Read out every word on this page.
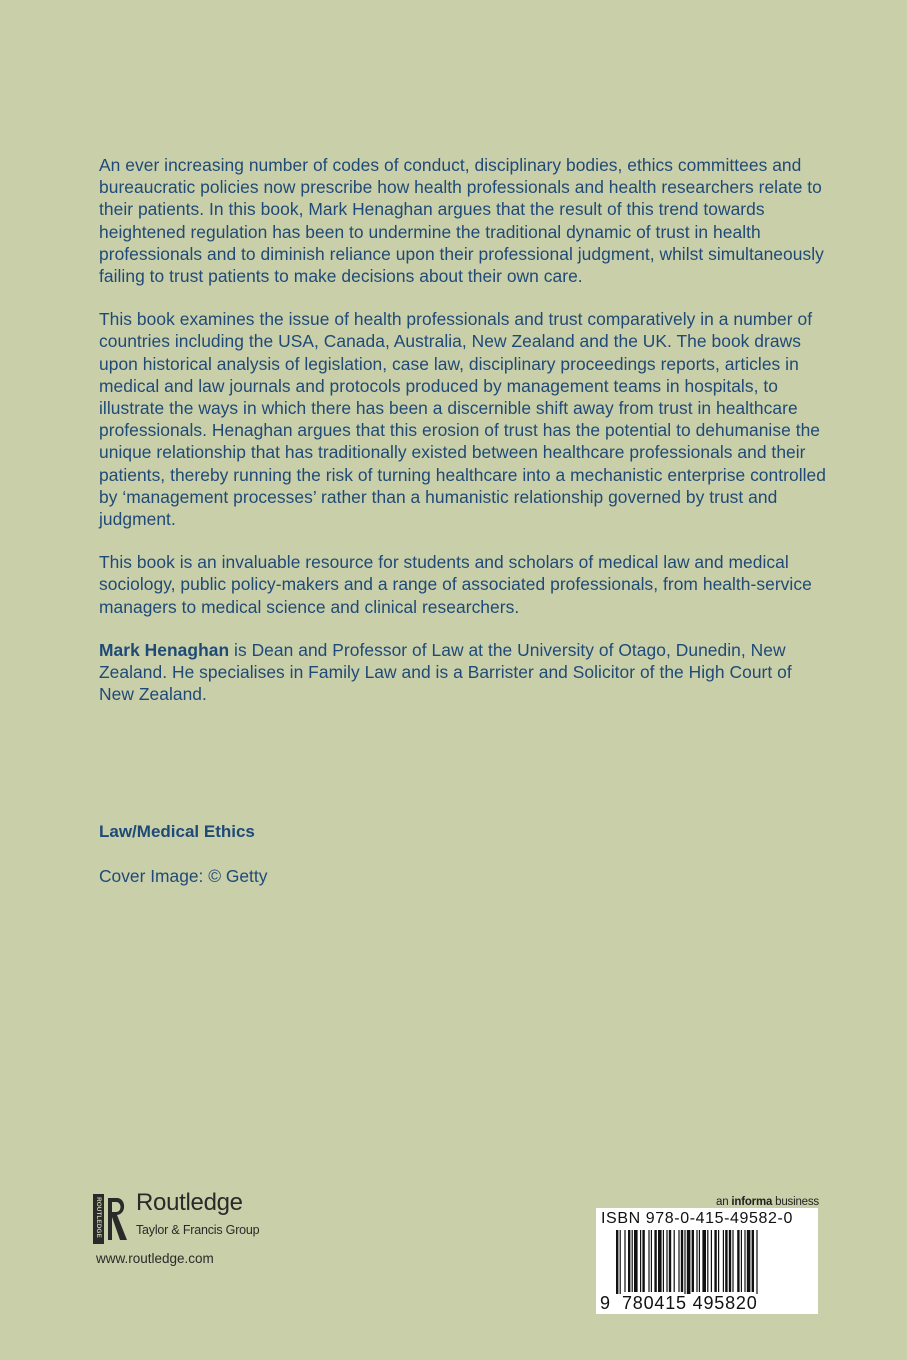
An ever increasing number of codes of conduct, disciplinary bodies, ethics committees and bureaucratic policies now prescribe how health professionals and health researchers relate to their patients. In this book, Mark Henaghan argues that the result of this trend towards heightened regulation has been to undermine the traditional dynamic of trust in health professionals and to diminish reliance upon their professional judgment, whilst simultaneously failing to trust patients to make decisions about their own care.

This book examines the issue of health professionals and trust comparatively in a number of countries including the USA, Canada, Australia, New Zealand and the UK. The book draws upon historical analysis of legislation, case law, disciplinary proceedings reports, articles in medical and law journals and protocols produced by management teams in hospitals, to illustrate the ways in which there has been a discernible shift away from trust in healthcare professionals. Henaghan argues that this erosion of trust has the potential to dehumanise the unique relationship that has traditionally existed between healthcare professionals and their patients, thereby running the risk of turning healthcare into a mechanistic enterprise controlled by ‘management processes’ rather than a humanistic relationship governed by trust and judgment.

This book is an invaluable resource for students and scholars of medical law and medical sociology, public policy-makers and a range of associated professionals, from health-service managers to medical science and clinical researchers.

Mark Henaghan is Dean and Professor of Law at the University of Otago, Dunedin, New Zealand. He specialises in Family Law and is a Barrister and Solicitor of the High Court of New Zealand.

Law/Medical Ethics
Cover Image: © Getty
ROUTLEDGE Routledge
Taylor & Francis Group
www.routledge.com
an informa business
ISBN 978-0-415-49582-0
9 780415 495820
